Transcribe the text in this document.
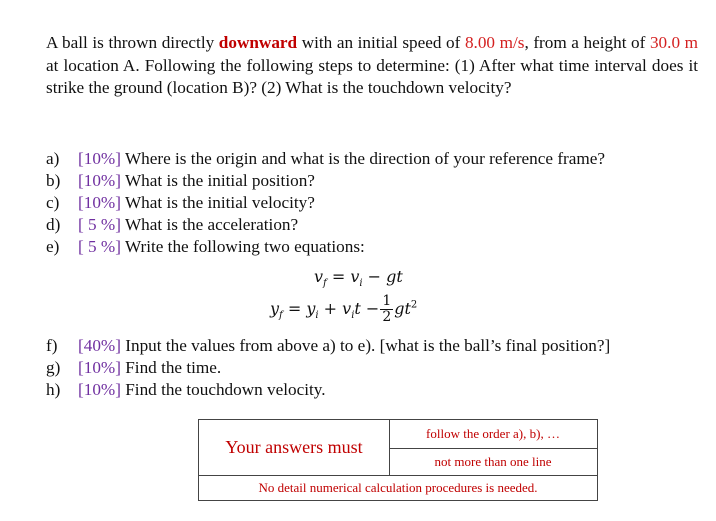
A ball is thrown directly downward with an initial speed of 8.00 m/s, from a height of 30.0 m at location A. Following the following steps to determine: (1) After what time interval does it strike the ground (location B)? (2) What is the touchdown velocity?
a) [10%] Where is the origin and what is the direction of your reference frame?
b) [10%] What is the initial position?
c) [10%] What is the initial velocity?
d) [ 5 %] What is the acceleration?
e) [ 5 %] Write the following two equations:
f) [40%] Input the values from above a) to e). [what is the ball’s final position?]
g) [10%] Find the time.
h) [10%] Find the touchdown velocity.
$v_f = v_i$ − gt
$y_f = y_i + v_it - \frac{1}{2} gt^2$
Your answers must
follow the order a), b), …
not more than one line
No detail numerical calculation procedures is needed.
